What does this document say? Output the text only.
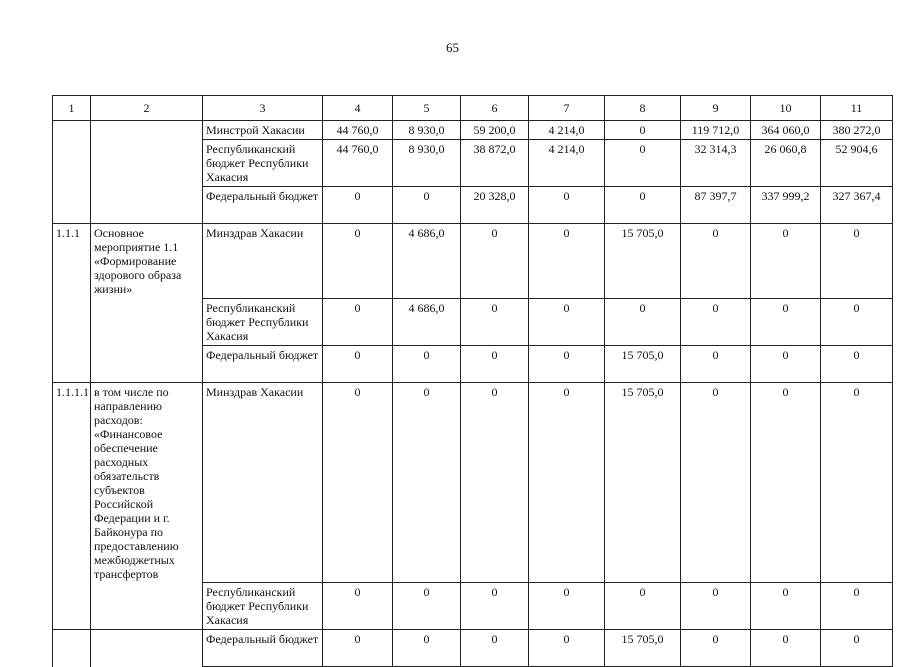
65
1	2	3	4	5	6	7	8	9	10	11
		Минстрой Хакасии	44 760,0	8 930,0	59 200,0	4 214,0	0	119 712,0	364 060,0	380 272,0
		Республиканский бюджет Республики Хакасия	44 760,0	8 930,0	38 872,0	4 214,0	0	32 314,3	26 060,8	52 904,6
		Федеральный бюджет	0	0	20 328,0	0	0	87 397,7	337 999,2	327 367,4
1.1.1	Основное мероприятие 1.1 «Формирование здорового образа жизни»	Минздрав Хакасии	0	4 686,0	0	0	15 705,0	0	0	0
		Республиканский бюджет Республики Хакасия	0	4 686,0	0	0	0	0	0	0
		Федеральный бюджет	0	0	0	0	15 705,0	0	0	0
1.1.1.1	в том числе по направлению расходов: «Финансовое обеспечение расходных обязательств субъектов Российской Федерации и г. Байконура по предоставлению межбюджетных трансфертов	Минздрав Хакасии	0	0	0	0	15 705,0	0	0	0
		Республиканский бюджет Республики Хакасия	0	0	0	0	0	0	0	0
		Федеральный бюджет	0	0	0	0	15 705,0	0	0	0
